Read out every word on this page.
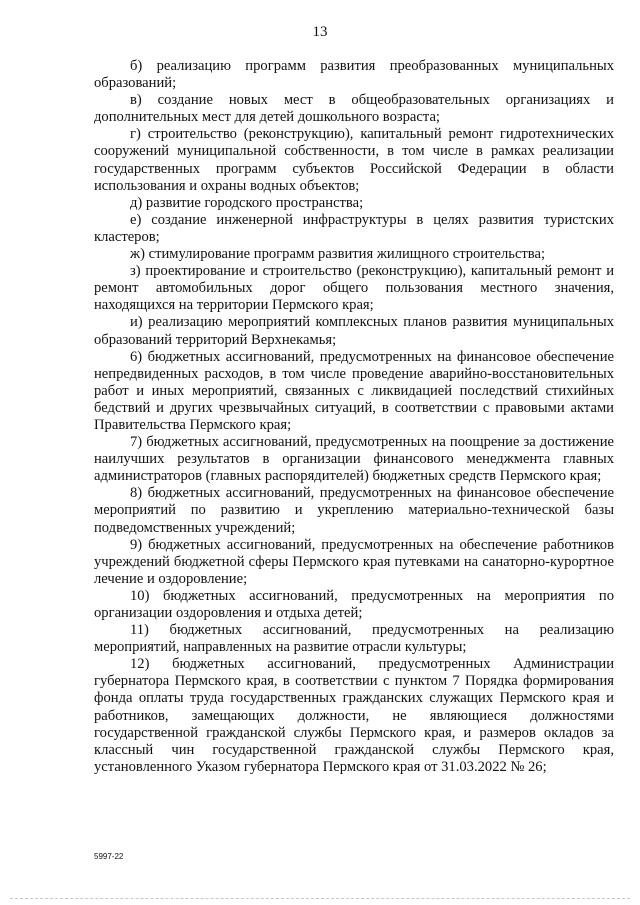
13

б) реализацию программ развития преобразованных муниципальных образований;

в) создание новых мест в общеобразовательных организациях и дополнительных мест для детей дошкольного возраста;

г) строительство (реконструкцию), капитальный ремонт гидротехнических сооружений муниципальной собственности, в том числе в рамках реализации государственных программ субъектов Российской Федерации в области использования и охраны водных объектов;

д) развитие городского пространства;

е) создание инженерной инфраструктуры в целях развития туристских кластеров;

ж) стимулирование программ развития жилищного строительства;

з) проектирование и строительство (реконструкцию), капитальный ремонт и ремонт автомобильных дорог общего пользования местного значения, находящихся на территории Пермского края;

и) реализацию мероприятий комплексных планов развития муниципальных образований территорий Верхнекамья;

6) бюджетных ассигнований, предусмотренных на финансовое обеспечение непредвиденных расходов, в том числе проведение аварийно-восстановительных работ и иных мероприятий, связанных с ликвидацией последствий стихийных бедствий и других чрезвычайных ситуаций, в соответствии с правовыми актами Правительства Пермского края;

7) бюджетных ассигнований, предусмотренных на поощрение за достижение наилучших результатов в организации финансового менеджмента главных администраторов (главных распорядителей) бюджетных средств Пермского края;

8) бюджетных ассигнований, предусмотренных на финансовое обеспечение мероприятий по развитию и укреплению материально-технической базы подведомственных учреждений;

9) бюджетных ассигнований, предусмотренных на обеспечение работников учреждений бюджетной сферы Пермского края путевками на санаторно-курортное лечение и оздоровление;

10) бюджетных ассигнований, предусмотренных на мероприятия по организации оздоровления и отдыха детей;

11) бюджетных ассигнований, предусмотренных на реализацию мероприятий, направленных на развитие отрасли культуры;

12) бюджетных ассигнований, предусмотренных Администрации губернатора Пермского края, в соответствии с пунктом 7 Порядка формирования фонда оплаты труда государственных гражданских служащих Пермского края и работников, замещающих должности, не являющиеся должностями государственной гражданской службы Пермского края, и размеров окладов за классный чин государственной гражданской службы Пермского края, установленного Указом губернатора Пермского края от 31.03.2022 № 26;

5997-22
